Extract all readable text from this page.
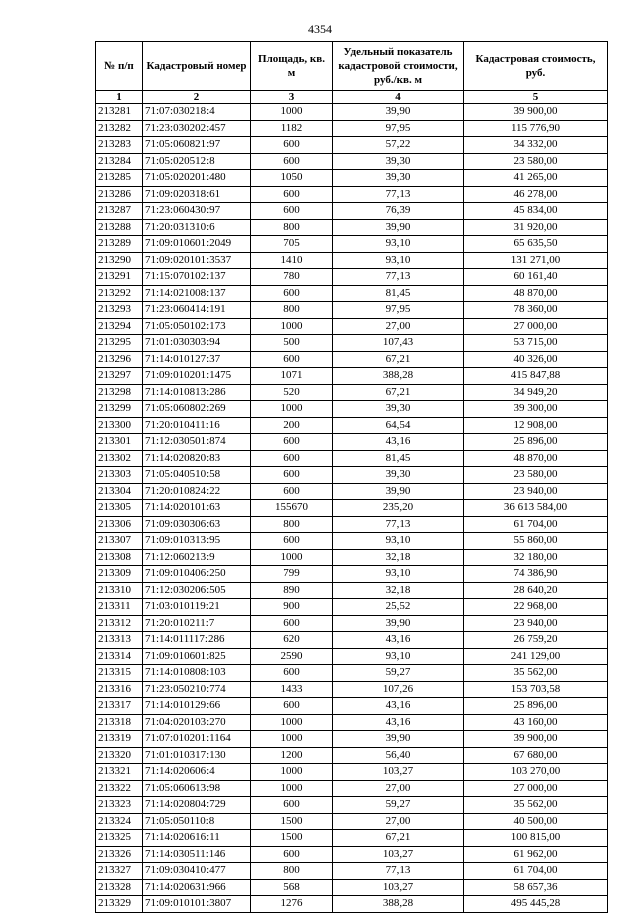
4354
№ п/п	Кадастровый номер	Площадь, кв. м	Удельный показатель кадастровой стоимости, руб./кв. м	Кадастровая стоимость, руб.
1	2	3	4	5
213281	71:07:030218:4	1000	39,90	39 900,00
213282	71:23:030202:457	1182	97,95	115 776,90
213283	71:05:060821:97	600	57,22	34 332,00
213284	71:05:020512:8	600	39,30	23 580,00
213285	71:05:020201:480	1050	39,30	41 265,00
213286	71:09:020318:61	600	77,13	46 278,00
213287	71:23:060430:97	600	76,39	45 834,00
213288	71:20:031310:6	800	39,90	31 920,00
213289	71:09:010601:2049	705	93,10	65 635,50
213290	71:09:020101:3537	1410	93,10	131 271,00
213291	71:15:070102:137	780	77,13	60 161,40
213292	71:14:021008:137	600	81,45	48 870,00
213293	71:23:060414:191	800	97,95	78 360,00
213294	71:05:050102:173	1000	27,00	27 000,00
213295	71:01:030303:94	500	107,43	53 715,00
213296	71:14:010127:37	600	67,21	40 326,00
213297	71:09:010201:1475	1071	388,28	415 847,88
213298	71:14:010813:286	520	67,21	34 949,20
213299	71:05:060802:269	1000	39,30	39 300,00
213300	71:20:010411:16	200	64,54	12 908,00
213301	71:12:030501:874	600	43,16	25 896,00
213302	71:14:020820:83	600	81,45	48 870,00
213303	71:05:040510:58	600	39,30	23 580,00
213304	71:20:010824:22	600	39,90	23 940,00
213305	71:14:020101:63	155670	235,20	36 613 584,00
213306	71:09:030306:63	800	77,13	61 704,00
213307	71:09:010313:95	600	93,10	55 860,00
213308	71:12:060213:9	1000	32,18	32 180,00
213309	71:09:010406:250	799	93,10	74 386,90
213310	71:12:030206:505	890	32,18	28 640,20
213311	71:03:010119:21	900	25,52	22 968,00
213312	71:20:010211:7	600	39,90	23 940,00
213313	71:14:011117:286	620	43,16	26 759,20
213314	71:09:010601:825	2590	93,10	241 129,00
213315	71:14:010808:103	600	59,27	35 562,00
213316	71:23:050210:774	1433	107,26	153 703,58
213317	71:14:010129:66	600	43,16	25 896,00
213318	71:04:020103:270	1000	43,16	43 160,00
213319	71:07:010201:1164	1000	39,90	39 900,00
213320	71:01:010317:130	1200	56,40	67 680,00
213321	71:14:020606:4	1000	103,27	103 270,00
213322	71:05:060613:98	1000	27,00	27 000,00
213323	71:14:020804:729	600	59,27	35 562,00
213324	71:05:050110:8	1500	27,00	40 500,00
213325	71:14:020616:11	1500	67,21	100 815,00
213326	71:14:030511:146	600	103,27	61 962,00
213327	71:09:030410:477	800	77,13	61 704,00
213328	71:14:020631:966	568	103,27	58 657,36
213329	71:09:010101:3807	1276	388,28	495 445,28
